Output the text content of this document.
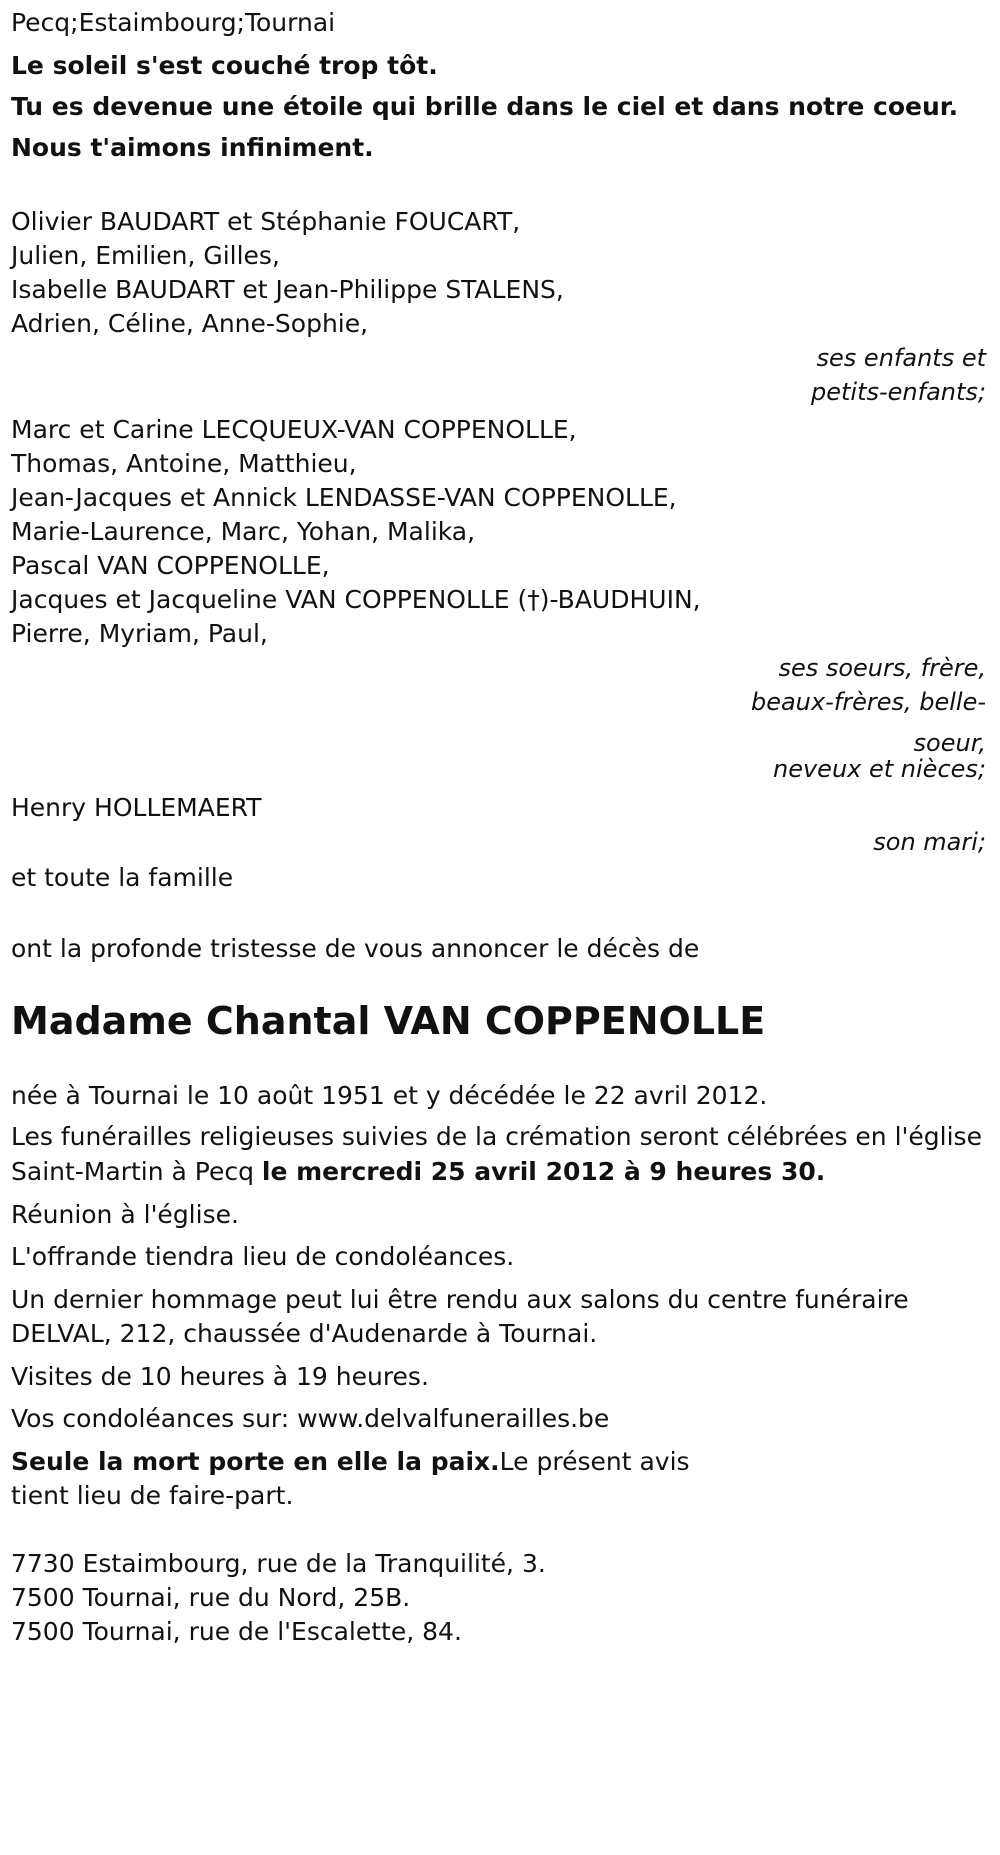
Pecq;Estaimbourg;Tournai
Le soleil s'est couché trop tôt.
Tu es devenue une étoile qui brille dans le ciel et dans notre coeur.
Nous t'aimons infiniment.
Olivier BAUDART et Stéphanie FOUCART,
Julien, Emilien, Gilles,
Isabelle BAUDART et Jean-Philippe STALENS,
Adrien, Céline, Anne-Sophie,
ses enfants et
petits-enfants;
Marc et Carine LECQUEUX-VAN COPPENOLLE,
Thomas, Antoine, Matthieu,
Jean-Jacques et Annick LENDASSE-VAN COPPENOLLE,
Marie-Laurence, Marc, Yohan, Malika,
Pascal VAN COPPENOLLE,
Jacques et Jacqueline VAN COPPENOLLE (†)-BAUDHUIN,
Pierre, Myriam, Paul,
ses soeurs, frère,
beaux-frères, belle-
soeur,
neveux et nièces;
Henry HOLLEMAERT
son mari;
et toute la famille
ont la profonde tristesse de vous annoncer le décès de
Madame Chantal VAN COPPENOLLE
née à Tournai le 10 août 1951 et y décédée le 22 avril 2012.
Les funérailles religieuses suivies de la crémation seront célébrées en l'église Saint-Martin à Pecq le mercredi 25 avril 2012 à 9 heures 30.
Réunion à l'église.
L'offrande tiendra lieu de condoléances.
Un dernier hommage peut lui être rendu aux salons du centre funéraire DELVAL, 212, chaussée d'Audenarde à Tournai.
Visites de 10 heures à 19 heures.
Vos condoléances sur: www.delvalfunerailles.be
Seule la mort porte en elle la paix.Le présent avis tient lieu de faire-part.
7730 Estaimbourg, rue de la Tranquilité, 3.
7500 Tournai, rue du Nord, 25B.
7500 Tournai, rue de l'Escalette, 84.
